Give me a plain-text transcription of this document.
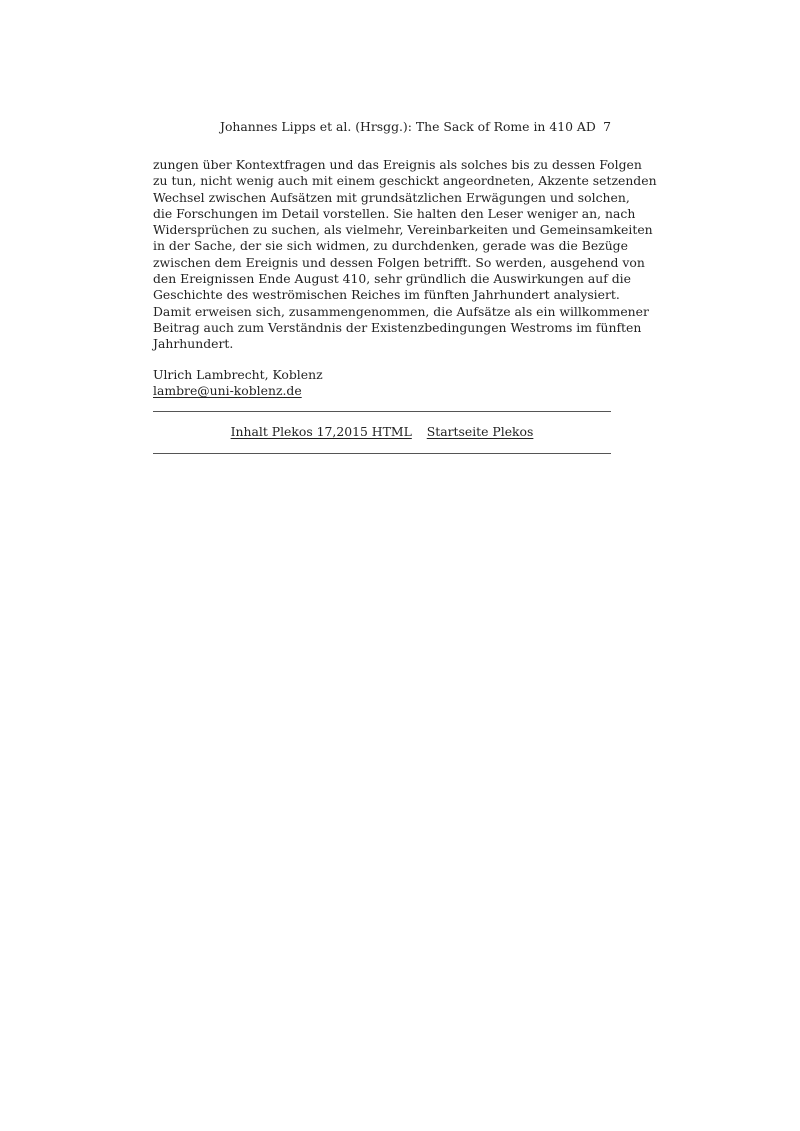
Johannes Lipps et al. (Hrsgg.): The Sack of Rome in 410 AD 7
zungen über Kontextfragen und das Ereignis als solches bis zu dessen Folgen
zu tun, nicht wenig auch mit einem geschickt angeordneten, Akzente setzenden
Wechsel zwischen Aufsätzen mit grundsätzlichen Erwägungen und solchen,
die Forschungen im Detail vorstellen. Sie halten den Leser weniger an, nach
Widersprüchen zu suchen, als vielmehr, Vereinbarkeiten und Gemeinsamkeiten
in der Sache, der sie sich widmen, zu durchdenken, gerade was die Bezüge
zwischen dem Ereignis und dessen Folgen betrifft. So werden, ausgehend von
den Ereignissen Ende August 410, sehr gründlich die Auswirkungen auf die
Geschichte des weströmischen Reiches im fünften Jahrhundert analysiert.
Damit erweisen sich, zusammengenommen, die Aufsätze als ein willkommener
Beitrag auch zum Verständnis der Existenzbedingungen Westroms im fünften
Jahrhundert.
Ulrich Lambrecht, Koblenz
lambre@uni-koblenz.de
Inhalt Plekos 17,2015 HTML Startseite Plekos
